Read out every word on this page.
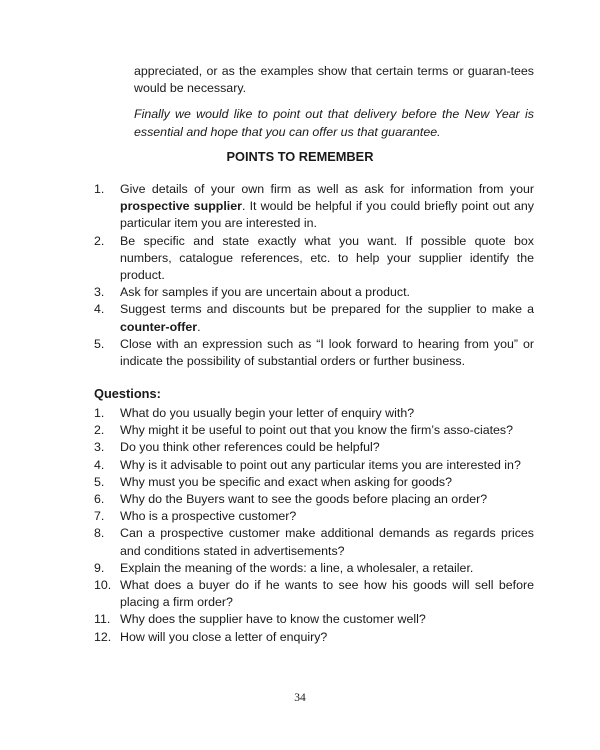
appreciated, or as the examples show that certain terms or guaran-tees would be necessary.

Finally we would like to point out that delivery before the New Year is essential and hope that you can offer us that guarantee.

POINTS TO REMEMBER
1.	Give details of your own firm as well as ask for information from your prospective supplier. It would be helpful if you could briefly point out any particular item you are interested in.
2.	Be specific and state exactly what you want. If possible quote box numbers, catalogue references, etc. to help your supplier identify the product.
3.	Ask for samples if you are uncertain about a product.
4.	Suggest terms and discounts but be prepared for the supplier to make a counter-offer.
5.	Close with an expression such as “I look forward to hearing from you” or indicate the possibility of substantial orders or further business.
Questions:
1.	What do you usually begin your letter of enquiry with?
2.	Why might it be useful to point out that you know the firm’s asso-ciates?
3.	Do you think other references could be helpful?
4.	Why is it advisable to point out any particular items you are interested in?
5.	Why must you be specific and exact when asking for goods?
6.	Why do the Buyers want to see the goods before placing an order?
7.	Who is a prospective customer?
8.	Can a prospective customer make additional demands as regards prices and conditions stated in advertisements?
9.	Explain the meaning of the words: a line, a wholesaler, a retailer.
10. What does a buyer do if he wants to see how his goods will sell before placing a firm order?
11. Why does the supplier have to know the customer well?
12. How will you close a letter of enquiry?
34
